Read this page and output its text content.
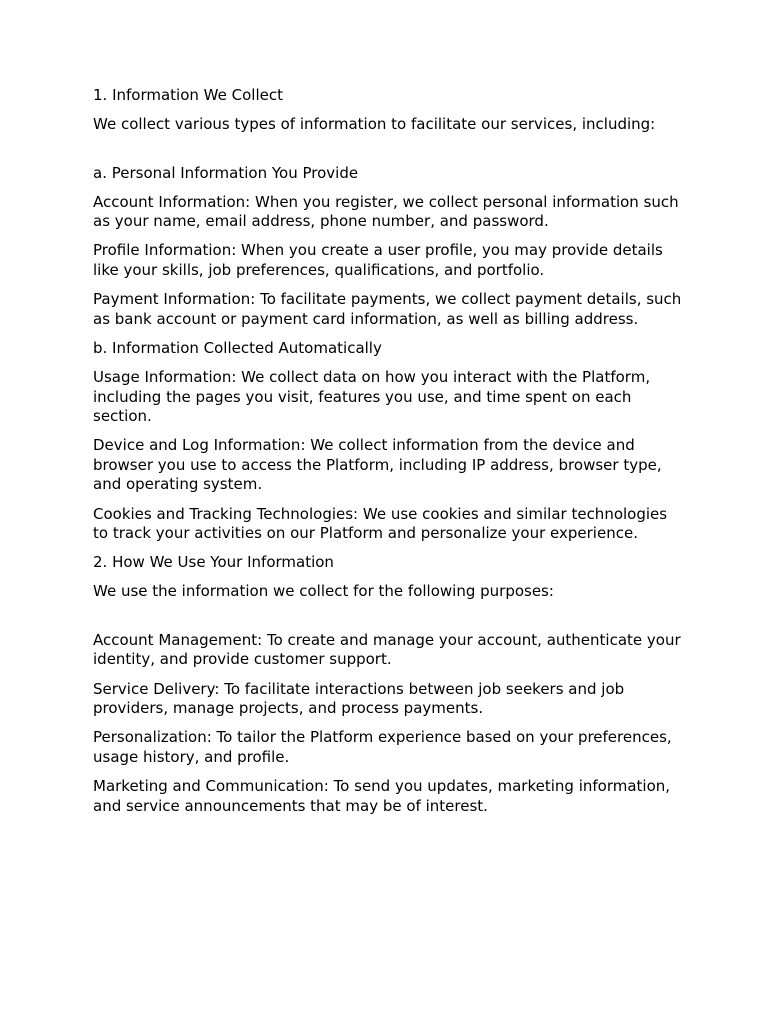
1. Information We Collect

We collect various types of information to facilitate our services, including:

a. Personal Information You Provide

Account Information: When you register, we collect personal information such as your name, email address, phone number, and password.

Profile Information: When you create a user profile, you may provide details like your skills, job preferences, qualifications, and portfolio.

Payment Information: To facilitate payments, we collect payment details, such as bank account or payment card information, as well as billing address.

b. Information Collected Automatically

Usage Information: We collect data on how you interact with the Platform, including the pages you visit, features you use, and time spent on each section.

Device and Log Information: We collect information from the device and browser you use to access the Platform, including IP address, browser type, and operating system.

Cookies and Tracking Technologies: We use cookies and similar technologies to track your activities on our Platform and personalize your experience.

2. How We Use Your Information

We use the information we collect for the following purposes:

Account Management: To create and manage your account, authenticate your identity, and provide customer support.

Service Delivery: To facilitate interactions between job seekers and job providers, manage projects, and process payments.

Personalization: To tailor the Platform experience based on your preferences, usage history, and profile.

Marketing and Communication: To send you updates, marketing information, and service announcements that may be of interest.
